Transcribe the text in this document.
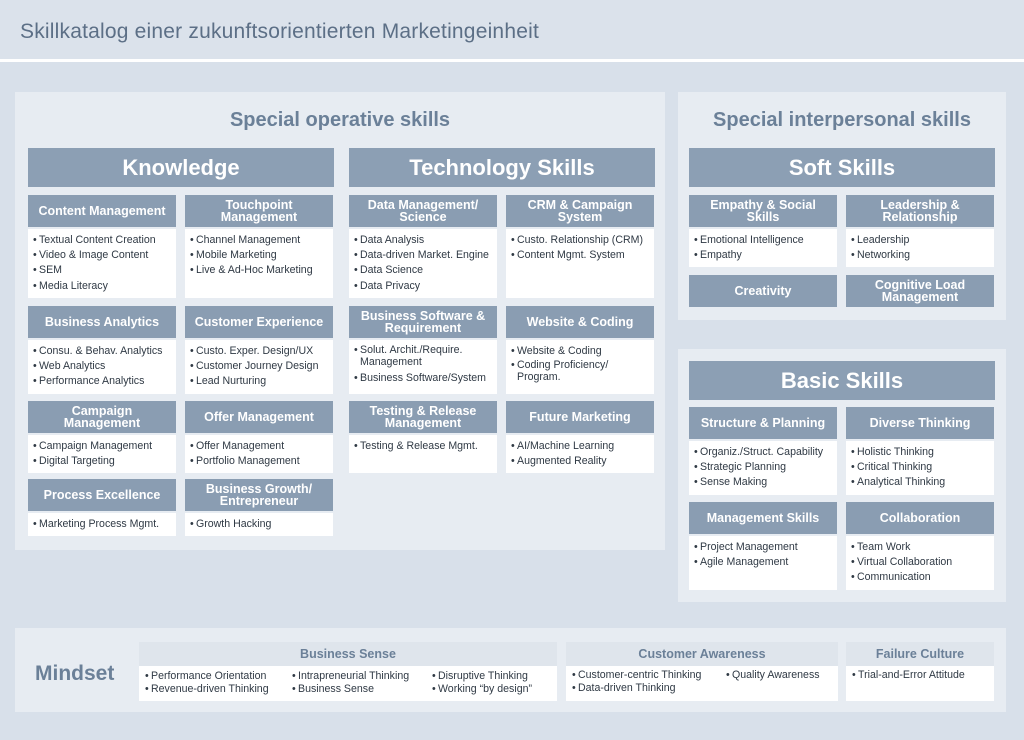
Skillkatalog einer zukunftsorientierten Marketingeinheit
Special operative skills
Knowledge	Technology Skills
Content Management
• Textual Content Creation
• Video & Image Content
• SEM
• Media Literacy
Touchpoint Management
• Channel Management
• Mobile Marketing
• Live & Ad-Hoc Marketing
Business Analytics
• Consu. & Behav. Analytics
• Web Analytics
• Performance Analytics
Customer Experience
• Custo. Exper. Design/UX
• Customer Journey Design
• Lead Nurturing
Campaign Management
• Campaign Management
• Digital Targeting
Offer Management
• Offer Management
• Portfolio Management
Process Excellence
• Marketing Process Mgmt.
Business Growth/ Entrepreneur
• Growth Hacking
Data Management/ Science
• Data Analysis
• Data-driven Market. Engine
• Data Science
• Data Privacy
CRM & Campaign System
• Custo. Relationship (CRM)
• Content Mgmt. System
Business Software & Requirement
• Solut. Archit./Require. Management
• Business Software/System
Website & Coding
• Website & Coding
• Coding Proficiency/ Program.
Testing & Release Management
• Testing & Release Mgmt.
Future Marketing
• AI/Machine Learning
• Augmented Reality
Special interpersonal skills
Soft Skills
Empathy & Social Skills
• Emotional Intelligence
• Empathy
Leadership & Relationship
• Leadership
• Networking
Creativity	Cognitive Load Management
Basic Skills
Structure & Planning
• Organiz./Struct. Capability
• Strategic Planning
• Sense Making
Diverse Thinking
• Holistic Thinking
• Critical Thinking
• Analytical Thinking
Management Skills
• Project Management
• Agile Management
Collaboration
• Team Work
• Virtual Collaboration
• Communication
Mindset
Business Sense
• Performance Orientation
• Revenue-driven Thinking
• Intrapreneurial Thinking
• Business Sense
• Disruptive Thinking
• Working “by design”
Customer Awareness
• Customer-centric Thinking
• Data-driven Thinking
• Quality Awareness
Failure Culture
• Trial-and-Error Attitude
